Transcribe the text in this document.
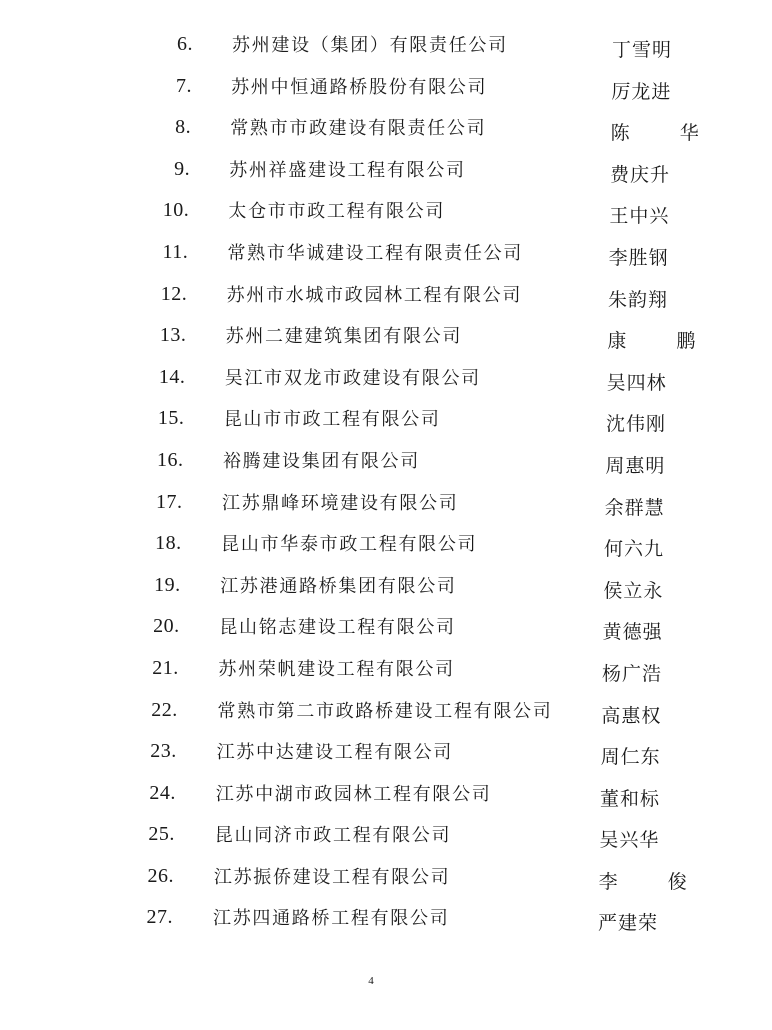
6. 苏州建设（集团）有限责任公司	丁雪明
7. 苏州中恒通路桥股份有限公司	厉龙进
8. 常熟市市政建设有限责任公司	陈 华
9. 苏州祥盛建设工程有限公司	费庆升
10. 太仓市市政工程有限公司	王中兴
11. 常熟市华诚建设工程有限责任公司	李胜钢
12. 苏州市水城市政园林工程有限公司	朱韵翔
13. 苏州二建建筑集团有限公司	康 鹏
14. 吴江市双龙市政建设有限公司	吴四林
15. 昆山市市政工程有限公司	沈伟刚
16. 裕腾建设集团有限公司	周惠明
17. 江苏鼎峰环境建设有限公司	余群慧
18. 昆山市华泰市政工程有限公司	何六九
19. 江苏港通路桥集团有限公司	侯立永
20. 昆山铭志建设工程有限公司	黄德强
21. 苏州荣帆建设工程有限公司	杨广浩
22. 常熟市第二市政路桥建设工程有限公司	高惠权
23. 江苏中达建设工程有限公司	周仁东
24. 江苏中湖市政园林工程有限公司	董和标
25. 昆山同济市政工程有限公司	吴兴华
26. 江苏振侨建设工程有限公司	李 俊
27. 江苏四通路桥工程有限公司	严建荣
4
